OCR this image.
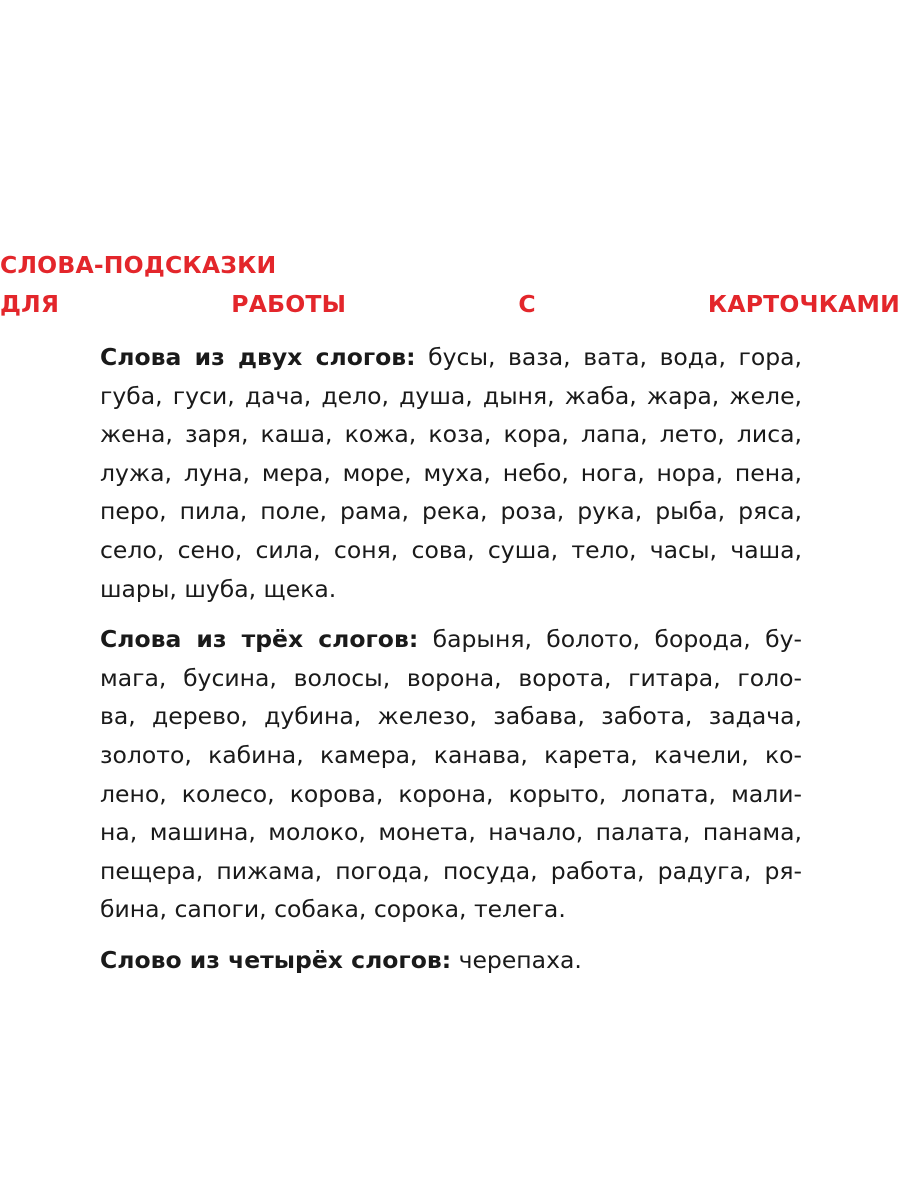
СЛОВА-ПОДСКАЗКИ
ДЛЯ РАБОТЫ С КАРТОЧКАМИ
Слова из двух слогов: бусы, ваза, вата, вода, гора,
губа, гуси, дача, дело, душа, дыня, жаба, жара, желе,
жена, заря, каша, кожа, коза, кора, лапа, лето, лиса,
лужа, луна, мера, море, муха, небо, нога, нора, пена,
перо, пила, поле, рама, река, роза, рука, рыба, ряса,
село, сено, сила, соня, сова, суша, тело, часы, чаша,
шары, шуба, щека.
Слова из трёх слогов: барыня, болото, борода, бу-
мага, бусина, волосы, ворона, ворота, гитара, голо-
ва, дерево, дубина, железо, забава, забота, задача,
золото, кабина, камера, канава, карета, качели, ко-
лено, колесо, корова, корона, корыто, лопата, мали-
на, машина, молоко, монета, начало, палата, панама,
пещера, пижама, погода, посуда, работа, радуга, ря-
бина, сапоги, собака, сорока, телега.
Слово из четырёх слогов: черепаха.
